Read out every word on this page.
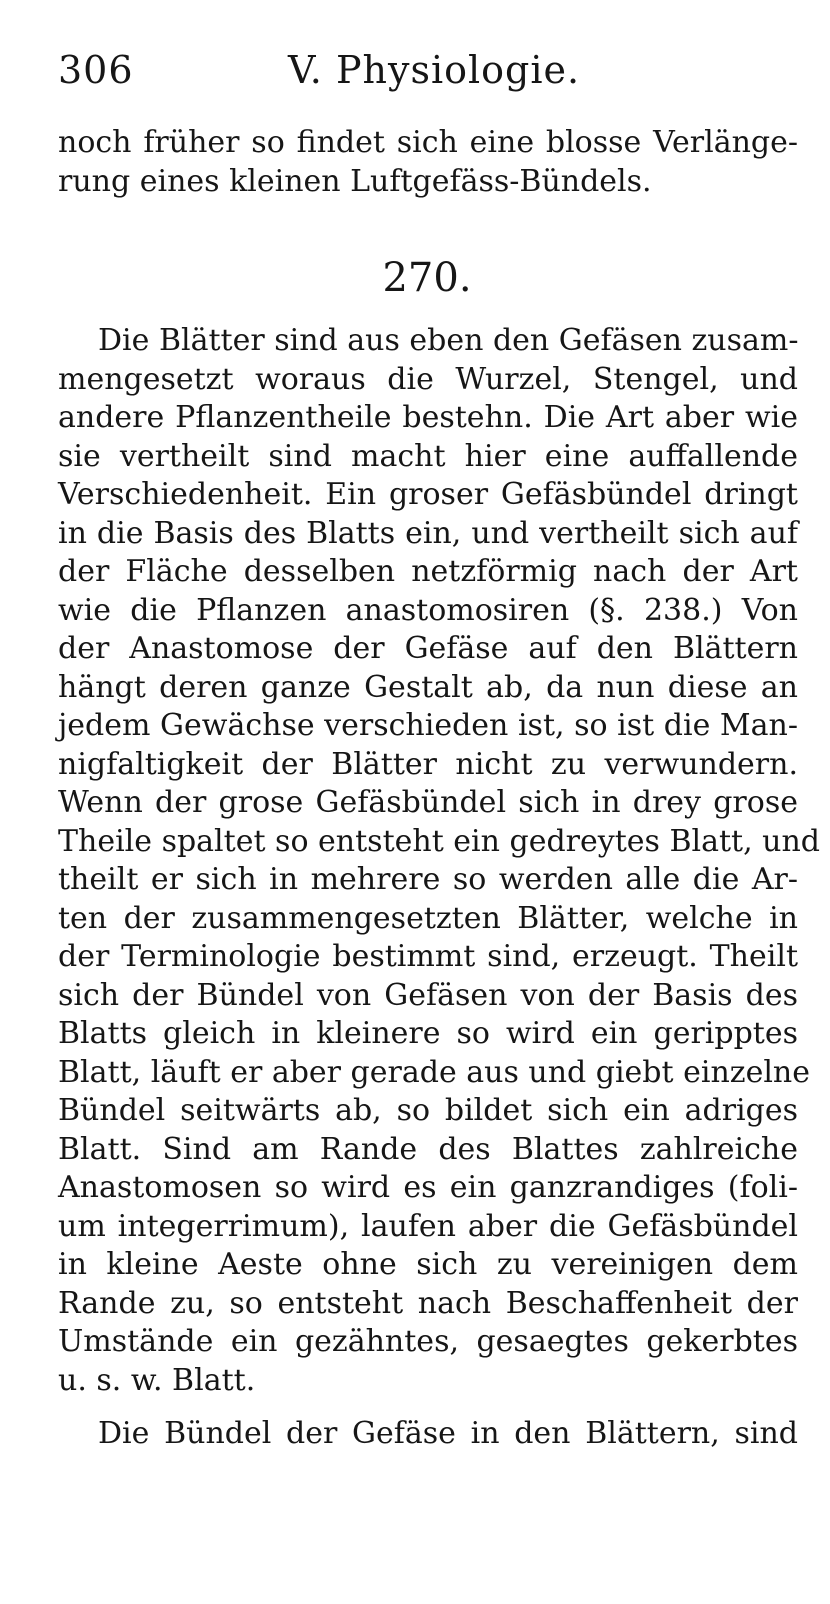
306	V. Physiologie.
noch früher so findet sich eine blosse Verlänge-
rung eines kleinen Luftgefäss-Bündels.
270.
Die Blätter sind aus eben den Gefäsen zusam-
mengesetzt woraus die Wurzel, Stengel, und
andere Pflanzentheile bestehn. Die Art aber wie
sie vertheilt sind macht hier eine auffallende
Verschiedenheit. Ein groser Gefäsbündel dringt
in die Basis des Blatts ein, und vertheilt sich auf
der Fläche desselben netzförmig nach der Art
wie die Pflanzen anastomosiren (§. 238.) Von
der Anastomose der Gefäse auf den Blättern
hängt deren ganze Gestalt ab, da nun diese an
jedem Gewächse verschieden ist, so ist die Man-
nigfaltigkeit der Blätter nicht zu verwundern.
Wenn der grose Gefäsbündel sich in drey grose
Theile spaltet so entsteht ein gedreytes Blatt, und
theilt er sich in mehrere so werden alle die Ar-
ten der zusammengesetzten Blätter, welche in
der Terminologie bestimmt sind, erzeugt. Theilt
sich der Bündel von Gefäsen von der Basis des
Blatts gleich in kleinere so wird ein geripptes
Blatt, läuft er aber gerade aus und giebt einzelne
Bündel seitwärts ab, so bildet sich ein adriges
Blatt. Sind am Rande des Blattes zahlreiche
Anastomosen so wird es ein ganzrandiges (foli-
um integerrimum), laufen aber die Gefäsbündel
in kleine Aeste ohne sich zu vereinigen dem
Rande zu, so entsteht nach Beschaffenheit der
Umstände ein gezähntes, gesaegtes gekerbtes
u. s. w. Blatt.
Die Bündel der Gefäse in den Blättern, sind
